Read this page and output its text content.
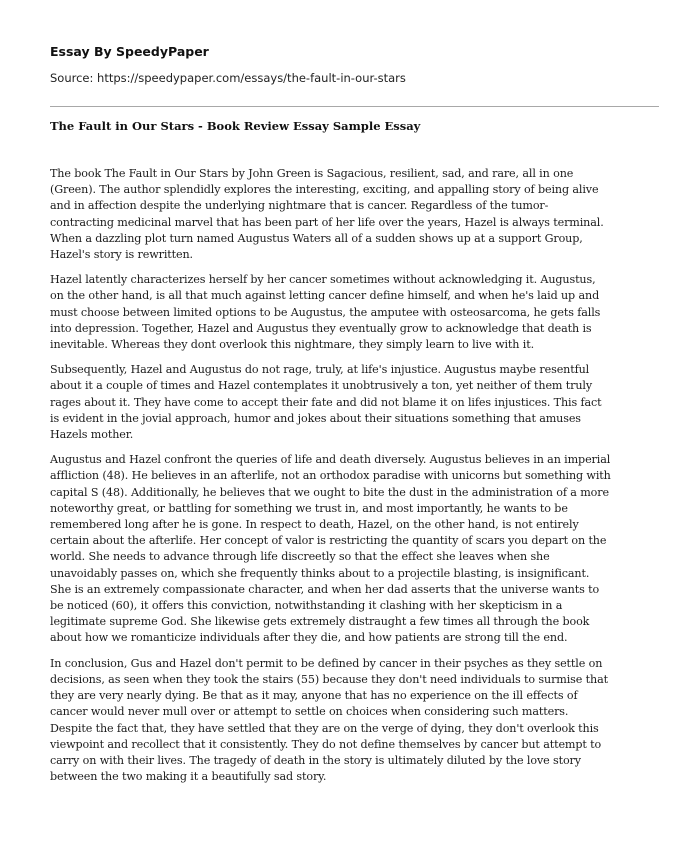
Essay By SpeedyPaper
Source: https://speedypaper.com/essays/the-fault-in-our-stars
The Fault in Our Stars - Book Review Essay Sample Essay

The book The Fault in Our Stars by John Green is Sagacious, resilient, sad, and rare, all in one
(Green). The author splendidly explores the interesting, exciting, and appalling story of being alive
and in affection despite the underlying nightmare that is cancer. Regardless of the tumor-
contracting medicinal marvel that has been part of her life over the years, Hazel is always terminal.
When a dazzling plot turn named Augustus Waters all of a sudden shows up at a support Group,
Hazel's story is rewritten.

Hazel latently characterizes herself by her cancer sometimes without acknowledging it. Augustus,
on the other hand, is all that much against letting cancer define himself, and when he's laid up and
must choose between limited options to be Augustus, the amputee with osteosarcoma, he gets falls
into depression. Together, Hazel and Augustus they eventually grow to acknowledge that death is
inevitable. Whereas they dont overlook this nightmare, they simply learn to live with it.

Subsequently, Hazel and Augustus do not rage, truly, at life's injustice. Augustus maybe resentful
about it a couple of times and Hazel contemplates it unobtrusively a ton, yet neither of them truly
rages about it. They have come to accept their fate and did not blame it on lifes injustices. This fact
is evident in the jovial approach, humor and jokes about their situations something that amuses
Hazels mother.

Augustus and Hazel confront the queries of life and death diversely. Augustus believes in an imperial
affliction (48). He believes in an afterlife, not an orthodox paradise with unicorns but something with
capital S (48). Additionally, he believes that we ought to bite the dust in the administration of a more
noteworthy great, or battling for something we trust in, and most importantly, he wants to be
remembered long after he is gone. In respect to death, Hazel, on the other hand, is not entirely
certain about the afterlife. Her concept of valor is restricting the quantity of scars you depart on the
world. She needs to advance through life discreetly so that the effect she leaves when she
unavoidably passes on, which she frequently thinks about to a projectile blasting, is insignificant.
She is an extremely compassionate character, and when her dad asserts that the universe wants to
be noticed (60), it offers this conviction, notwithstanding it clashing with her skepticism in a
legitimate supreme God. She likewise gets extremely distraught a few times all through the book
about how we romanticize individuals after they die, and how patients are strong till the end.

In conclusion, Gus and Hazel don't permit to be defined by cancer in their psyches as they settle on
decisions, as seen when they took the stairs (55) because they don't need individuals to surmise that
they are very nearly dying. Be that as it may, anyone that has no experience on the ill effects of
cancer would never mull over or attempt to settle on choices when considering such matters.
Despite the fact that, they have settled that they are on the verge of dying, they don't overlook this
viewpoint and recollect that it consistently. They do not define themselves by cancer but attempt to
carry on with their lives. The tragedy of death in the story is ultimately diluted by the love story
between the two making it a beautifully sad story.
